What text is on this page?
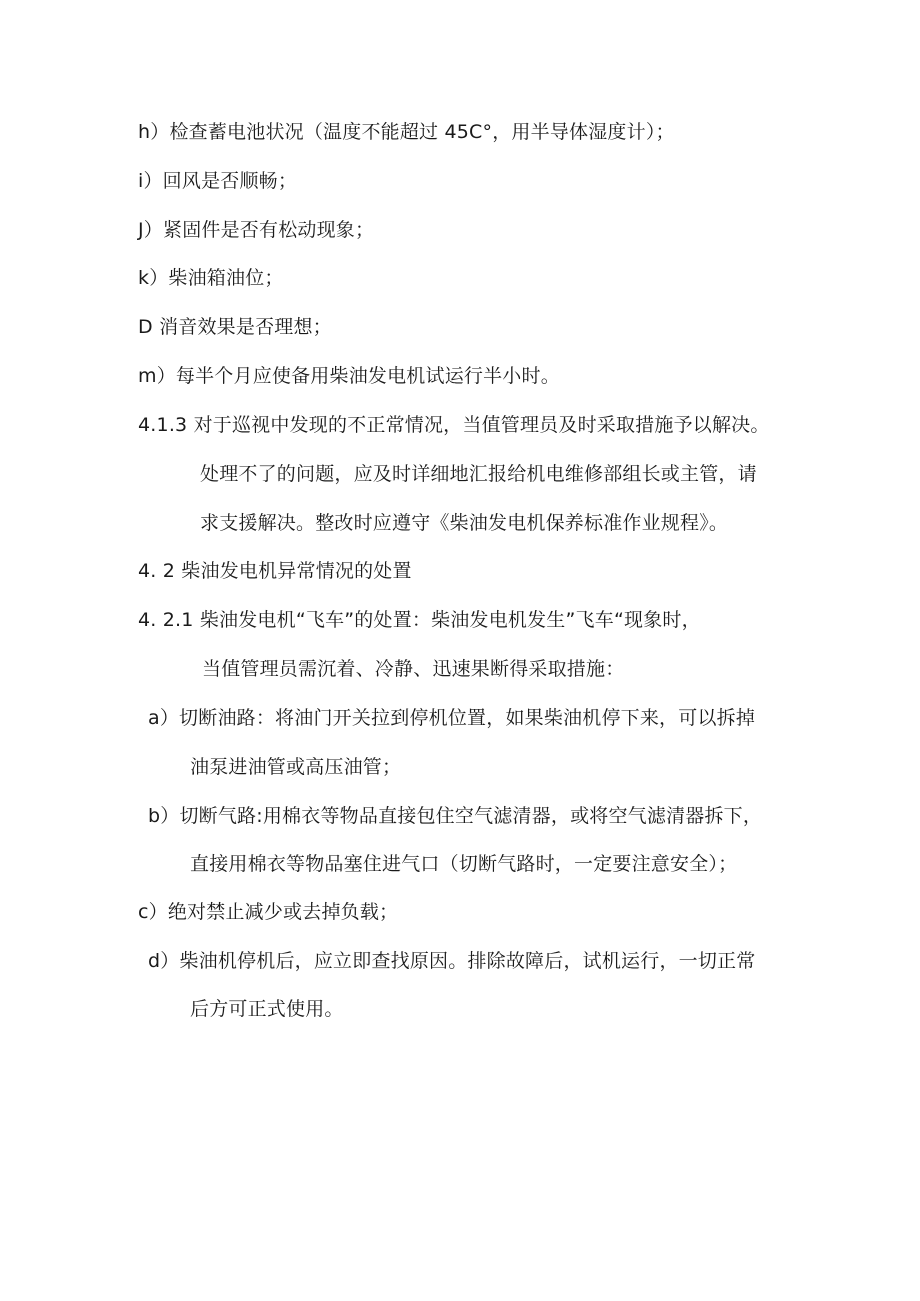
h）检查蓄电池状况（温度不能超过 45C°，用半导体湿度计）；
i）回风是否顺畅；
J）紧固件是否有松动现象；
k）柴油箱油位；
D 消音效果是否理想；
m）每半个月应使备用柴油发电机试运行半小时。
4.1.3 对于巡视中发现的不正常情况，当值管理员及时采取措施予以解决。
处理不了的问题，应及时详细地汇报给机电维修部组长或主管，请
求支援解决。整改时应遵守《柴油发电机保养标准作业规程》。
4. 2 柴油发电机异常情况的处置
4. 2.1 柴油发电机“飞车”的处置：柴油发电机发生”飞车“现象时，
当值管理员需沉着、冷静、迅速果断得采取措施：
a）切断油路：将油门开关拉到停机位置，如果柴油机停下来，可以拆掉
油泵进油管或高压油管；
b）切断气路:用棉衣等物品直接包住空气滤清器，或将空气滤清器拆下，
直接用棉衣等物品塞住进气口（切断气路时，一定要注意安全）；
c）绝对禁止减少或去掉负载；
d）柴油机停机后，应立即查找原因。排除故障后，试机运行，一切正常
后方可正式使用。
